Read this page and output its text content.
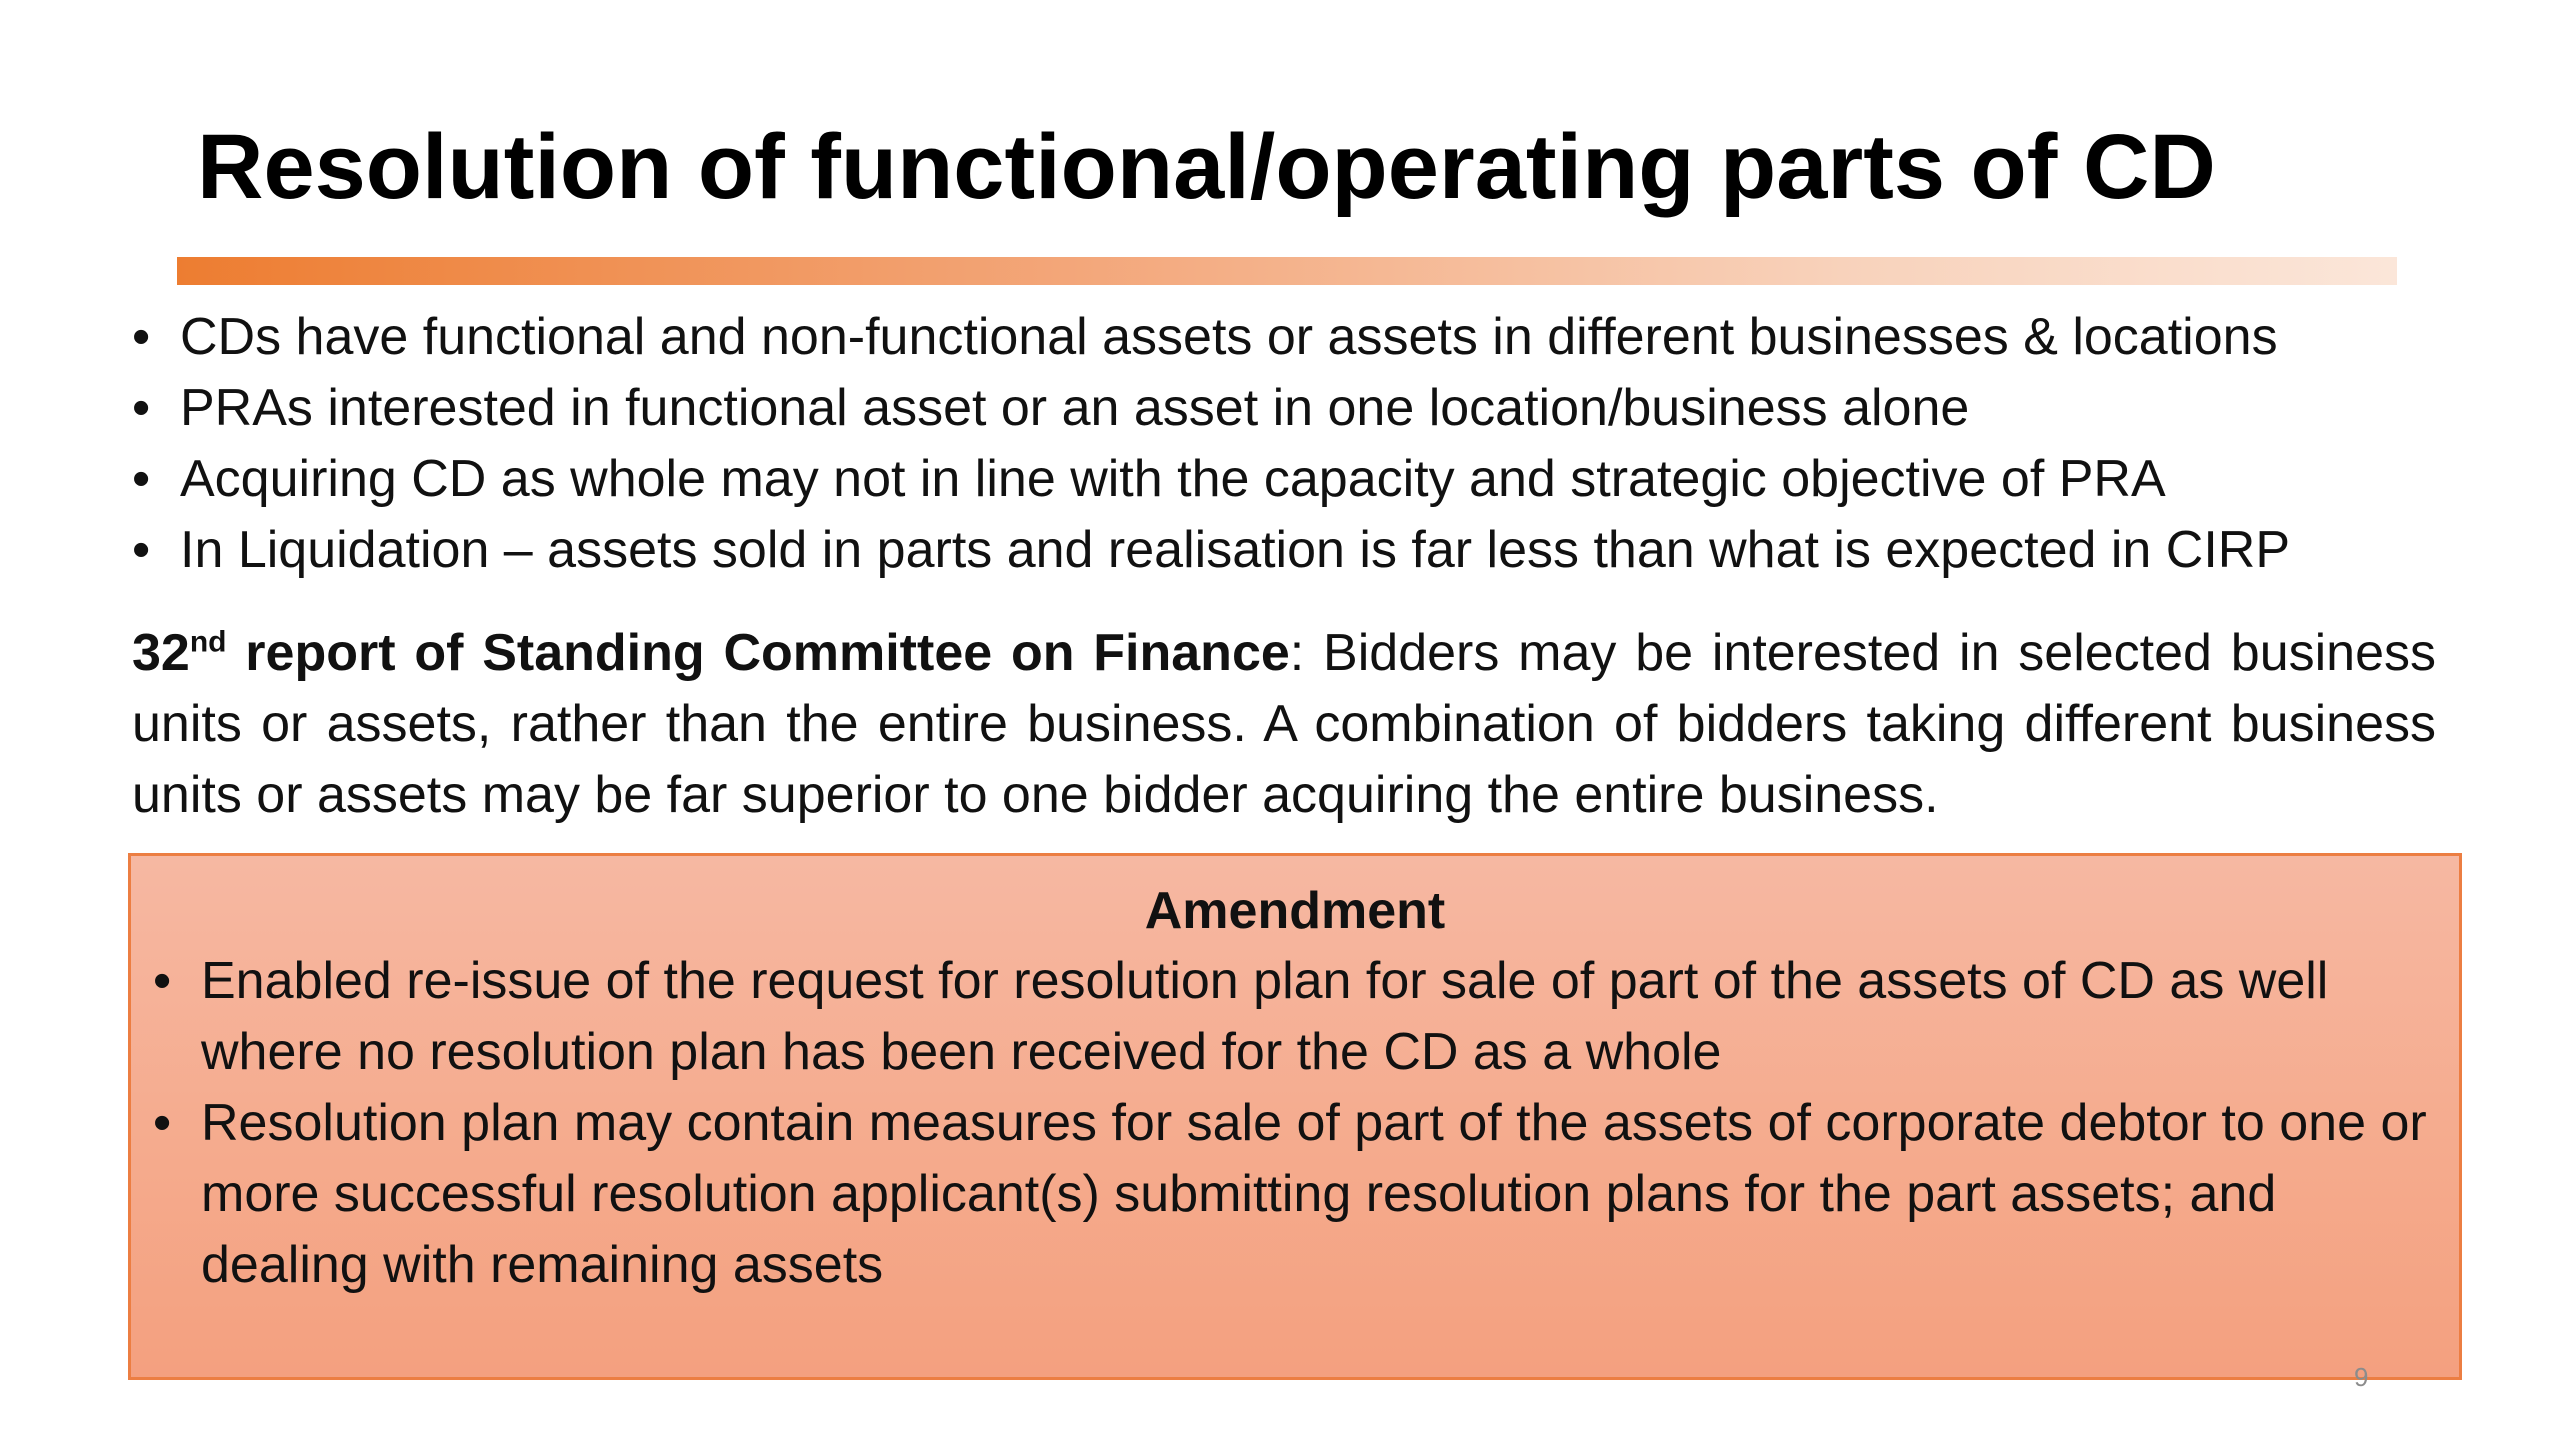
Resolution of functional/operating parts of CD
• CDs have functional and non-functional assets or assets in different businesses & locations
• PRAs interested in functional asset or an asset in one location/business alone
• Acquiring CD as whole may not in line with the capacity and strategic objective of PRA
• In Liquidation – assets sold in parts and realisation is far less than what is expected in CIRP

32nd report of Standing Committee on Finance: Bidders may be interested in selected business units or assets, rather than the entire business. A combination of bidders taking different business units or assets may be far superior to one bidder acquiring the entire business.

Amendment
• Enabled re-issue of the request for resolution plan for sale of part of the assets of CD as well where no resolution plan has been received for the CD as a whole
• Resolution plan may contain measures for sale of part of the assets of corporate debtor to one or more successful resolution applicant(s) submitting resolution plans for the part assets; and dealing with remaining assets
9
